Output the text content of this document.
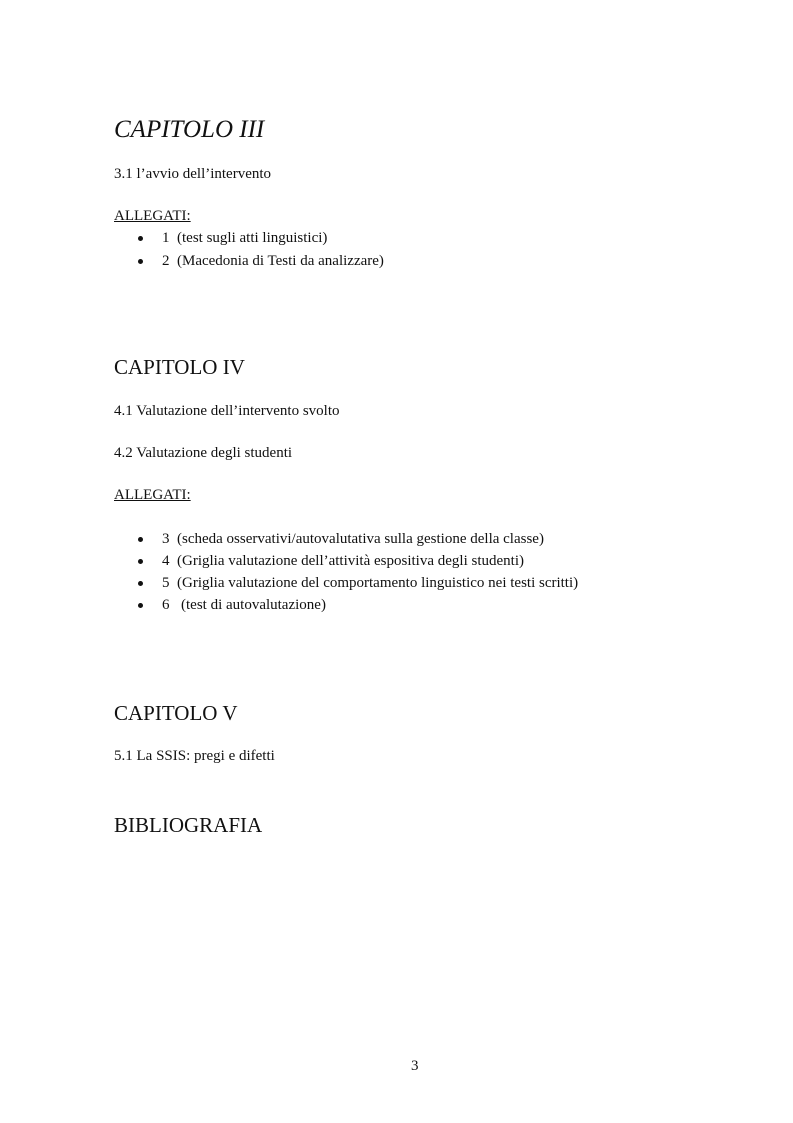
CAPITOLO III
3.1 l’avvio dell’intervento
ALLEGATI:
1 (test sugli atti linguistici)
2 (Macedonia di Testi da analizzare)
CAPITOLO IV
4.1 Valutazione dell’intervento svolto
4.2 Valutazione degli studenti
ALLEGATI:
3 (scheda osservativi/autovalutativa sulla gestione della classe)
4 (Griglia valutazione dell’attività espositiva degli studenti)
5 (Griglia valutazione del comportamento linguistico nei testi scritti)
6 (test di autovalutazione)
CAPITOLO V
5.1 La SSIS: pregi e difetti
BIBLIOGRAFIA
3
